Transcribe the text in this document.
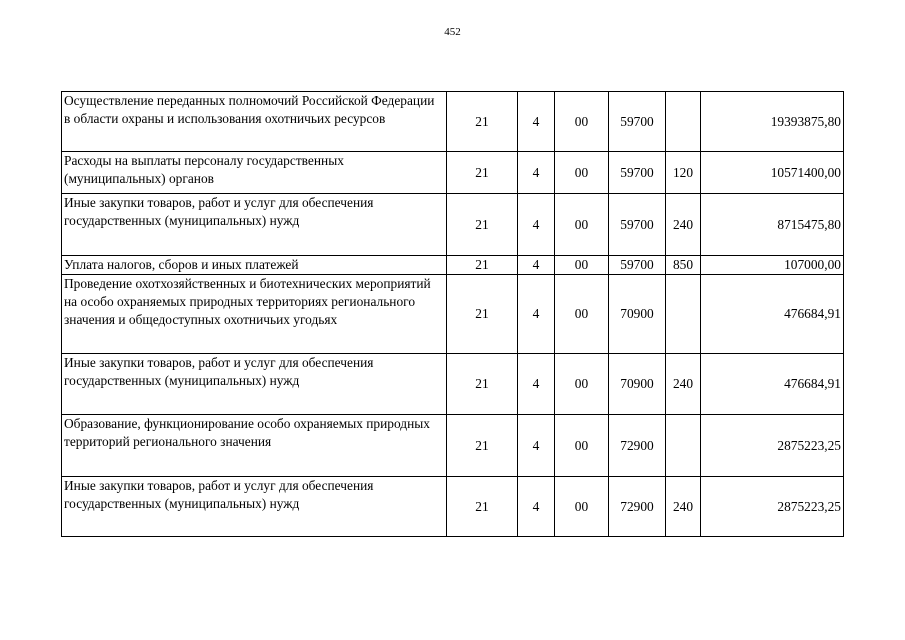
452
Осуществление переданных полномочий Российской Федерации в области охраны и использования охотничьих ресурсов	21	4	00	59700		19393875,80
Расходы на выплаты персоналу государственных (муниципальных) органов	21	4	00	59700	120	10571400,00
Иные закупки товаров, работ и услуг для обеспечения государственных (муниципальных) нужд	21	4	00	59700	240	8715475,80
Уплата налогов, сборов и иных платежей	21	4	00	59700	850	107000,00
Проведение охотхозяйственных и биотехнических мероприятий на особо охраняемых природных территориях регионального значения и общедоступных охотничьих угодьях	21	4	00	70900		476684,91
Иные закупки товаров, работ и услуг для обеспечения государственных (муниципальных) нужд	21	4	00	70900	240	476684,91
Образование, функционирование особо охраняемых природных территорий регионального значения	21	4	00	72900		2875223,25
Иные закупки товаров, работ и услуг для обеспечения государственных (муниципальных) нужд	21	4	00	72900	240	2875223,25
